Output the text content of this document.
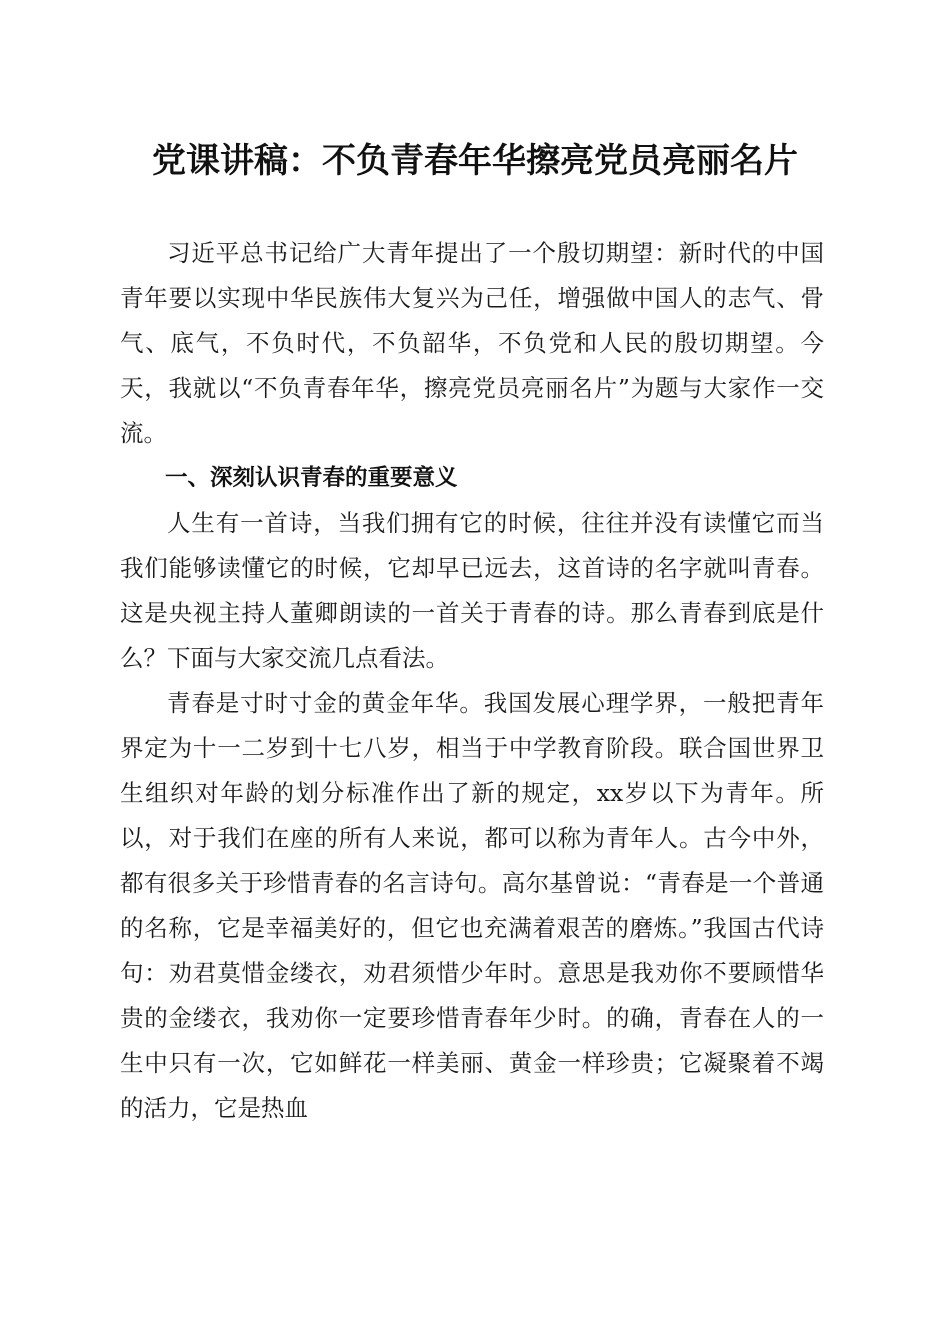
党课讲稿：不负青春年华擦亮党员亮丽名片

习近平总书记给广大青年提出了一个殷切期望：新时代的中国青年要以实现中华民族伟大复兴为己任，增强做中国人的志气、骨气、底气，不负时代，不负韶华，不负党和人民的殷切期望。今天，我就以“不负青春年华，擦亮党员亮丽名片”为题与大家作一交流。

一、深刻认识青春的重要意义

人生有一首诗，当我们拥有它的时候，往往并没有读懂它而当我们能够读懂它的时候，它却早已远去，这首诗的名字就叫青春。这是央视主持人董卿朗读的一首关于青春的诗。那么青春到底是什么？下面与大家交流几点看法。

青春是寸时寸金的黄金年华。我国发展心理学界，一般把青年界定为十一二岁到十七八岁，相当于中学教育阶段。联合国世界卫生组织对年龄的划分标准作出了新的规定，xx岁以下为青年。所以，对于我们在座的所有人来说，都可以称为青年人。古今中外，都有很多关于珍惜青春的名言诗句。高尔基曾说：“青春是一个普通的名称，它是幸福美好的，但它也充满着艰苦的磨炼。”我国古代诗句：劝君莫惜金缕衣，劝君须惜少年时。意思是我劝你不要顾惜华贵的金缕衣，我劝你一定要珍惜青春年少时。的确，青春在人的一生中只有一次，它如鲜花一样美丽、黄金一样珍贵；它凝聚着不竭的活力，它是热血
